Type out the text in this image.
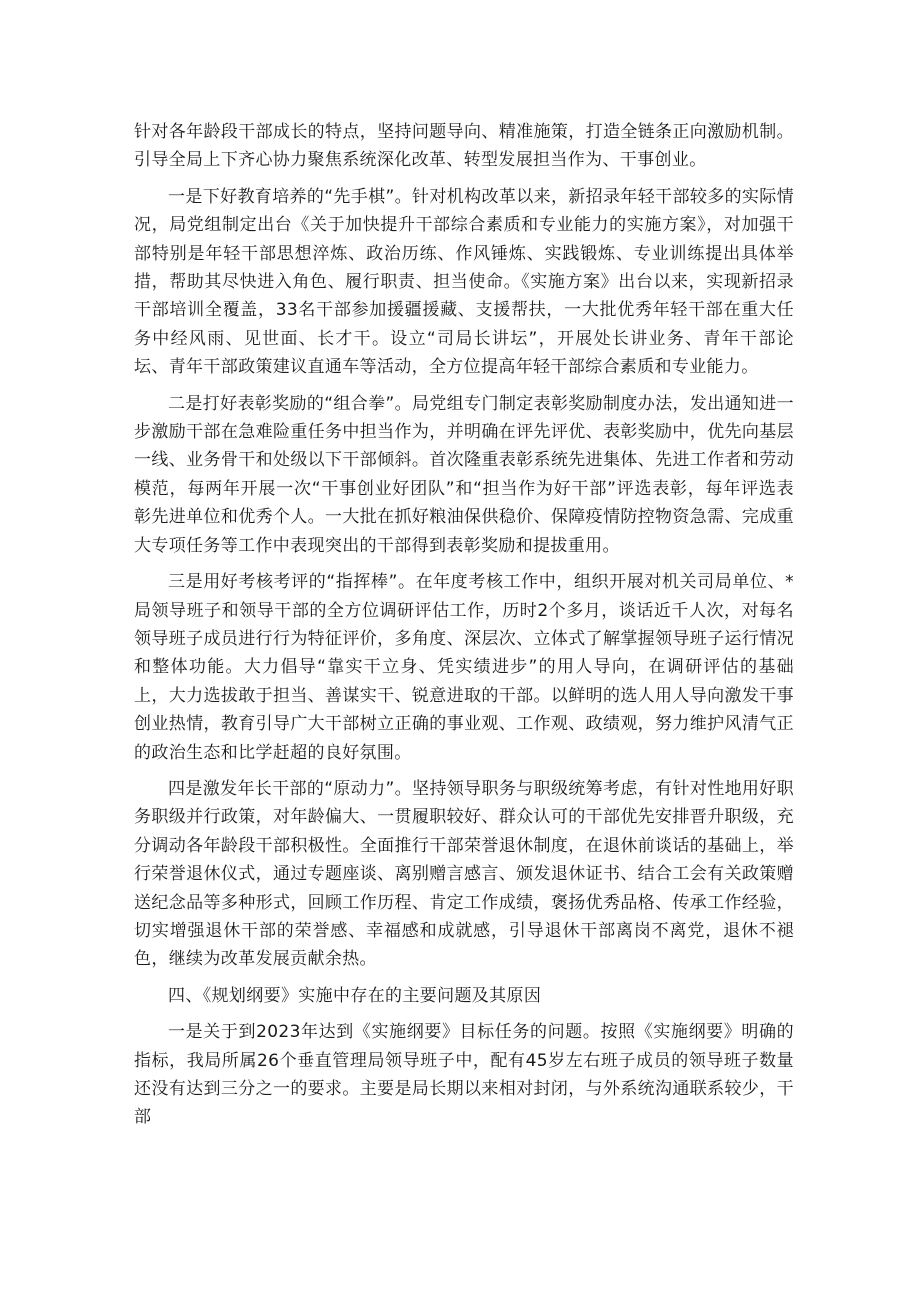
针对各年龄段干部成长的特点，坚持问题导向、精准施策，打造全链条正向激励机制。引导全局上下齐心协力聚焦系统深化改革、转型发展担当作为、干事创业。

一是下好教育培养的“先手棋”。针对机构改革以来，新招录年轻干部较多的实际情况，局党组制定出台《关于加快提升干部综合素质和专业能力的实施方案》，对加强干部特别是年轻干部思想淬炼、政治历练、作风锤炼、实践锻炼、专业训练提出具体举措，帮助其尽快进入角色、履行职责、担当使命。《实施方案》出台以来，实现新招录干部培训全覆盖，33名干部参加援疆援藏、支援帮扶，一大批优秀年轻干部在重大任务中经风雨、见世面、长才干。设立“司局长讲坛”，开展处长讲业务、青年干部论坛、青年干部政策建议直通车等活动，全方位提高年轻干部综合素质和专业能力。

二是打好表彰奖励的“组合拳”。局党组专门制定表彰奖励制度办法，发出通知进一步激励干部在急难险重任务中担当作为，并明确在评先评优、表彰奖励中，优先向基层一线、业务骨干和处级以下干部倾斜。首次隆重表彰系统先进集体、先进工作者和劳动模范，每两年开展一次“干事创业好团队”和“担当作为好干部”评选表彰，每年评选表彰先进单位和优秀个人。一大批在抓好粮油保供稳价、保障疫情防控物资急需、完成重大专项任务等工作中表现突出的干部得到表彰奖励和提拔重用。

三是用好考核考评的“指挥棒”。在年度考核工作中，组织开展对机关司局单位、*局领导班子和领导干部的全方位调研评估工作，历时2个多月，谈话近千人次，对每名领导班子成员进行行为特征评价，多角度、深层次、立体式了解掌握领导班子运行情况和整体功能。大力倡导“靠实干立身、凭实绩进步”的用人导向，在调研评估的基础上，大力选拔敢于担当、善谋实干、锐意进取的干部。以鲜明的选人用人导向激发干事创业热情，教育引导广大干部树立正确的事业观、工作观、政绩观，努力维护风清气正的政治生态和比学赶超的良好氛围。

四是激发年长干部的“原动力”。坚持领导职务与职级统筹考虑，有针对性地用好职务职级并行政策，对年龄偏大、一贯履职较好、群众认可的干部优先安排晋升职级，充分调动各年龄段干部积极性。全面推行干部荣誉退休制度，在退休前谈话的基础上，举行荣誉退休仪式，通过专题座谈、离别赠言感言、颁发退休证书、结合工会有关政策赠送纪念品等多种形式，回顾工作历程、肯定工作成绩，褒扬优秀品格、传承工作经验，切实增强退休干部的荣誉感、幸福感和成就感，引导退休干部离岗不离党，退休不褪色，继续为改革发展贡献余热。

四、《规划纲要》实施中存在的主要问题及其原因

一是关于到2023年达到《实施纲要》目标任务的问题。按照《实施纲要》明确的指标，我局所属26个垂直管理局领导班子中，配有45岁左右班子成员的领导班子数量还没有达到三分之一的要求。主要是局长期以来相对封闭，与外系统沟通联系较少，干部
